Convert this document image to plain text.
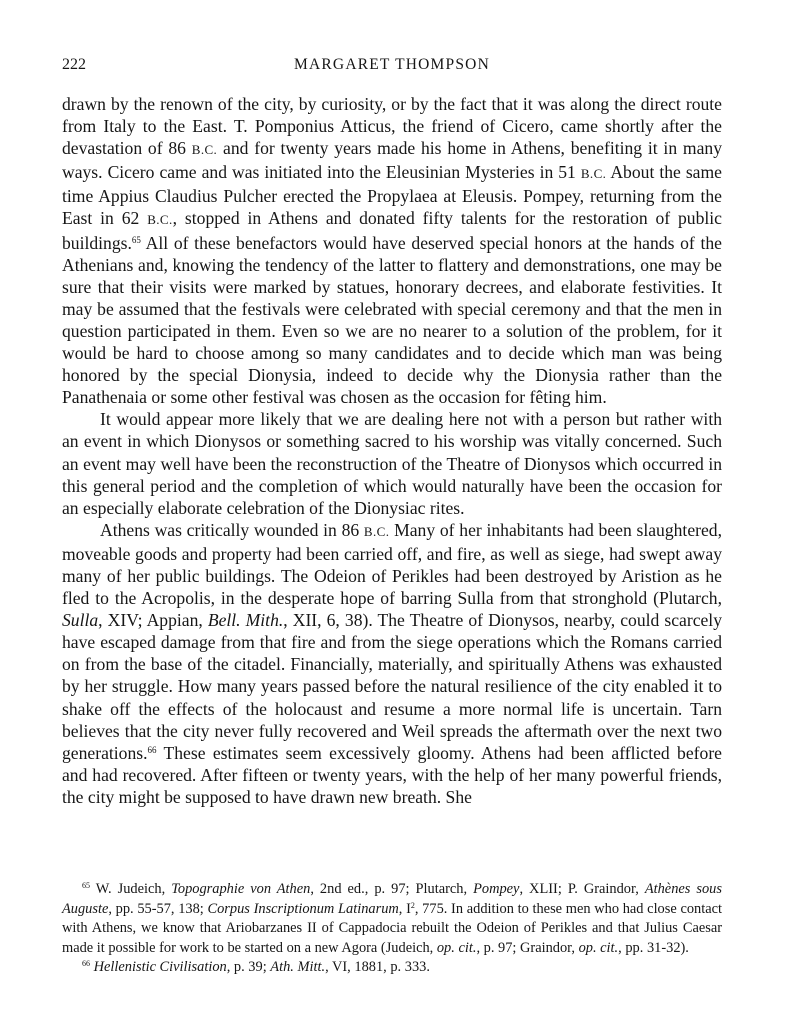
222	MARGARET THOMPSON

drawn by the renown of the city, by curiosity, or by the fact that it was along the direct route from Italy to the East. T. Pomponius Atticus, the friend of Cicero, came shortly after the devastation of 86 B.C. and for twenty years made his home in Athens, benefiting it in many ways. Cicero came and was initiated into the Eleusinian Mysteries in 51 B.C. About the same time Appius Claudius Pulcher erected the Propylaea at Eleusis. Pompey, returning from the East in 62 B.C., stopped in Athens and donated fifty talents for the restoration of public buildings.$^{65}$ All of these benefactors would have deserved special honors at the hands of the Athenians and, knowing the tendency of the latter to flattery and demonstrations, one may be sure that their visits were marked by statues, honorary decrees, and elaborate festivities. It may be assumed that the festivals were celebrated with special ceremony and that the men in question participated in them. Even so we are no nearer to a solution of the problem, for it would be hard to choose among so many candidates and to decide which man was being honored by the special Dionysia, indeed to decide why the Dionysia rather than the Panathenaia or some other festival was chosen as the occasion for fêting him.

It would appear more likely that we are dealing here not with a person but rather with an event in which Dionysos or something sacred to his worship was vitally concerned. Such an event may well have been the reconstruction of the Theatre of Dionysos which occurred in this general period and the completion of which would naturally have been the occasion for an especially elaborate celebration of the Dionysiac rites.

Athens was critically wounded in 86 B.C. Many of her inhabitants had been slaughtered, moveable goods and property had been carried off, and fire, as well as siege, had swept away many of her public buildings. The Odeion of Perikles had been destroyed by Aristion as he fled to the Acropolis, in the desperate hope of barring Sulla from that stronghold (Plutarch, Sulla, XIV; Appian, Bell. Mith., XII, 6, 38). The Theatre of Dionysos, nearby, could scarcely have escaped damage from that fire and from the siege operations which the Romans carried on from the base of the citadel. Financially, materially, and spiritually Athens was exhausted by her struggle. How many years passed before the natural resilience of the city enabled it to shake off the effects of the holocaust and resume a more normal life is uncertain. Tarn believes that the city never fully recovered and Weil spreads the aftermath over the next two generations.$^{66}$ These estimates seem excessively gloomy. Athens had been afflicted before and had recovered. After fifteen or twenty years, with the help of her many powerful friends, the city might be supposed to have drawn new breath. She

$^{65}$ W. Judeich, Topographie von Athen, 2nd ed., p. 97; Plutarch, Pompey, XLII; P. Graindor, Athènes sous Auguste, pp. 55-57, 138; Corpus Inscriptionum Latinarum, $I^2$, 775. In addition to these men who had close contact with Athens, we know that Ariobarzanes II of Cappadocia rebuilt the Odeion of Perikles and that Julius Caesar made it possible for work to be started on a new Agora (Judeich, op. cit., p. 97; Graindor, op. cit., pp. 31-32).

$^{66}$ Hellenistic Civilisation, p. 39; Ath. Mitt., VI, 1881, p. 333.
